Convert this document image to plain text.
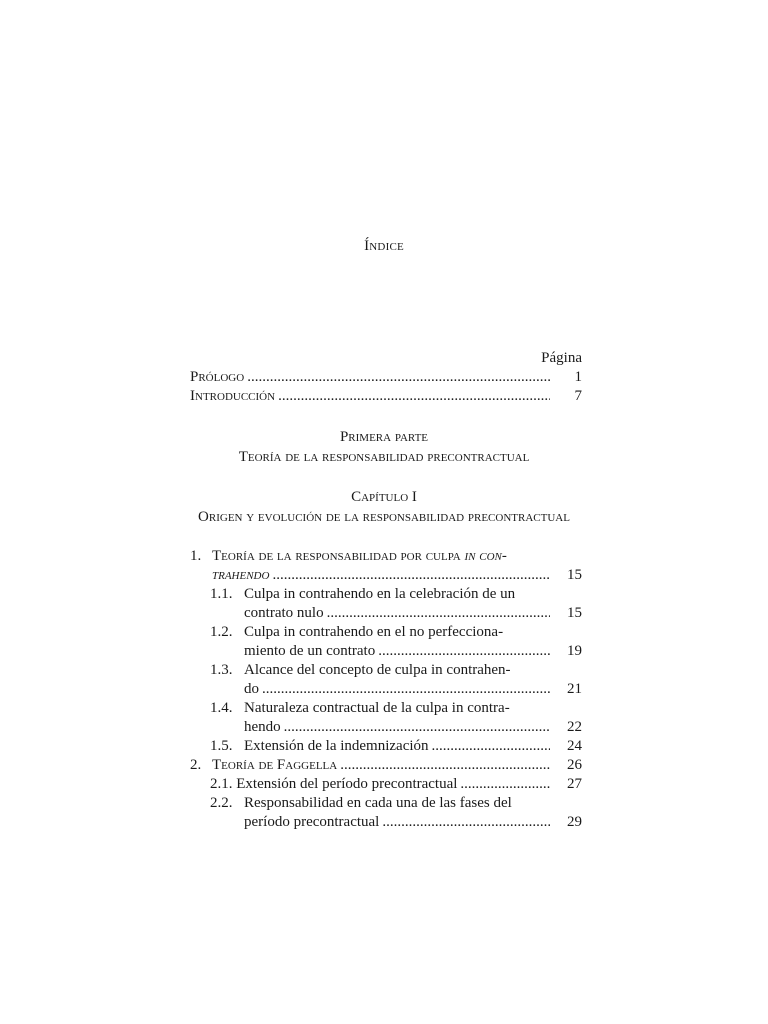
Índice
Página
Prólogo .....	1
Introducción .....	7
Primera parte
Teoría de la responsabilidad precontractual
Capítulo I
Origen y evolución de la responsabilidad precontractual
1. Teoría de la responsabilidad por culpa in con-
trahendo .....	15
1.1. Culpa in contrahendo en la celebración de un
contrato nulo .....	15
1.2. Culpa in contrahendo en el no perfecciona-
miento de un contrato .....	19
1.3. Alcance del concepto de culpa in contrahen-
do .....	21
1.4. Naturaleza contractual de la culpa in contra-
hendo .....	22
1.5. Extensión de la indemnización .....	24
2. Teoría de Faggella .....	26
2.1. Extensión del período precontractual .....	27
2.2. Responsabilidad en cada una de las fases del
período precontractual .....	29
